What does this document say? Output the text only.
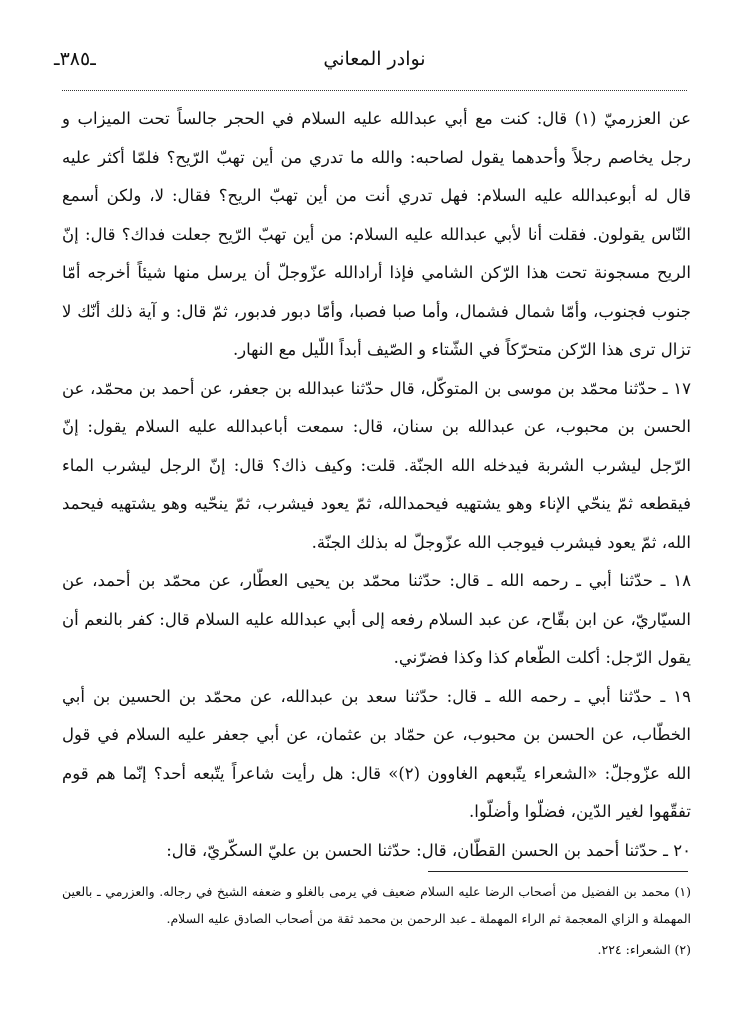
نوادر المعاني
ـ٣٨٥ـ

عن العزرميّ (١) قال: كنت مع أبي عبدالله عليه السلام في الحجر جالساً تحت الميزاب و رجل يخاصم رجلاً وأحدهما يقول لصاحبه: والله ما تدري من أين تهبّ الرّيح؟ فلمّا أكثر عليه قال له أبوعبدالله عليه السلام: فهل تدري أنت من أين تهبّ الريح؟ فقال: لا، ولكن أسمع النّاس يقولون. فقلت أنا لأبي عبدالله عليه السلام: من أين تهبّ الرّيح جعلت فداك؟ قال: إنّ الريح مسجونة تحت هذا الرّكن الشامي فإذا أرادالله عزّوجلّ أن يرسل منها شيئاً أخرجه أمّا جنوب فجنوب، وأمّا شمال فشمال، وأما صبا فصبا، وأمّا دبور فدبور، ثمّ قال: و آية ذلك أنّك لا تزال ترى هذا الرّكن متحرّكاً في الشّتاء و الصّيف أبداً اللّيل مع النهار.

١٧ ـ حدّثنا محمّد بن موسى بن المتوكّل، قال حدّثنا عبدالله بن جعفر، عن أحمد بن محمّد، عن الحسن بن محبوب، عن عبدالله بن سنان، قال: سمعت أباعبدالله عليه السلام يقول: إنّ الرّجل ليشرب الشربة فيدخله الله الجنّة. قلت: وكيف ذاك؟ قال: إنّ الرجل ليشرب الماء فيقطعه ثمّ ينحّي الإناء وهو يشتهيه فيحمدالله، ثمّ يعود فيشرب، ثمّ ينحّيه وهو يشتهيه فيحمد الله، ثمّ يعود فيشرب فيوجب الله عزّوجلّ له بذلك الجنّة.

١٨ ـ حدّثنا أبي ـ رحمه الله ـ قال: حدّثنا محمّد بن يحيى العطّار، عن محمّد بن أحمد، عن السيّاريّ، عن ابن بقّاح، عن عبد السلام رفعه إلى أبي عبدالله عليه السلام قال: كفر بالنعم أن يقول الرّجل: أكلت الطّعام كذا وكذا فضرّني.

١٩ ـ حدّثنا أبي ـ رحمه الله ـ قال: حدّثنا سعد بن عبدالله، عن محمّد بن الحسين بن أبي الخطّاب، عن الحسن بن محبوب، عن حمّاد بن عثمان، عن أبي جعفر عليه السلام في قول الله عزّوجلّ: «الشعراء يتّبعهم الغاوون (٢)» قال: هل رأيت شاعراً يتّبعه أحد؟ إنّما هم قوم تفقّهوا لغير الدّين، فضلّوا وأضلّوا.

٢٠ ـ حدّثنا أحمد بن الحسن القطّان، قال: حدّثنا الحسن بن عليّ السكّريّ، قال:

(١) محمد بن الفضيل من أصحاب الرضا عليه السلام ضعيف في يرمى بالغلو و ضعفه الشيخ في رجاله. والعزرمي ـ بالعين المهملة و الزاي المعجمة ثم الراء المهملة ـ عبد الرحمن بن محمد ثقة من أصحاب الصادق عليه السلام.

(٢) الشعراء: ٢٢٤.
